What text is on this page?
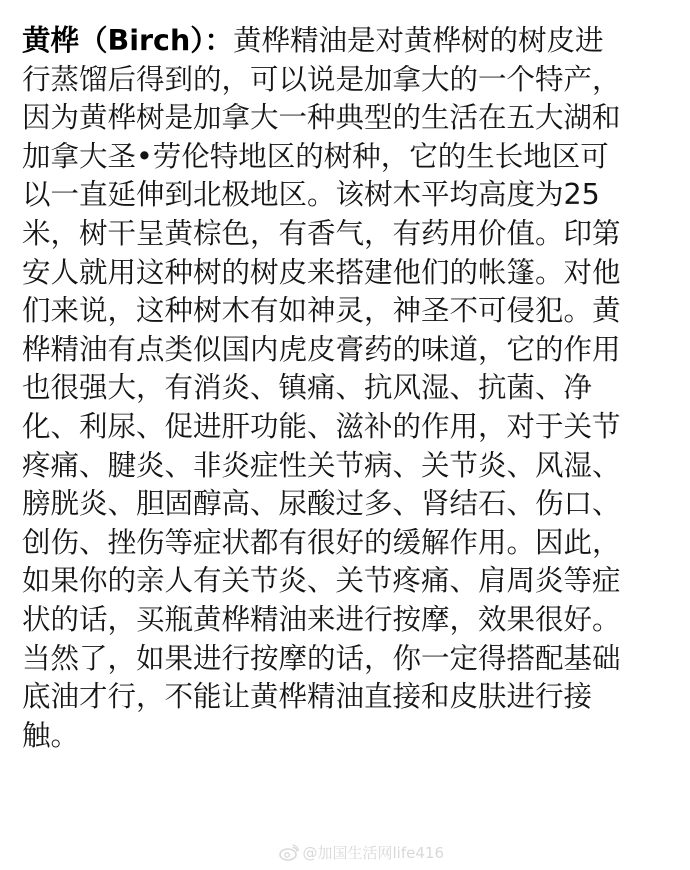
黄桦（Birch）：黄桦精油是对黄桦树的树皮进
行蒸馏后得到的，可以说是加拿大的一个特产，
因为黄桦树是加拿大一种典型的生活在五大湖和
加拿大圣•劳伦特地区的树种，它的生长地区可
以一直延伸到北极地区。该树木平均高度为25
米，树干呈黄棕色，有香气，有药用价值。印第
安人就用这种树的树皮来搭建他们的帐篷。对他
们来说，这种树木有如神灵，神圣不可侵犯。黄
桦精油有点类似国内虎皮膏药的味道，它的作用
也很强大，有消炎、镇痛、抗风湿、抗菌、净
化、利尿、促进肝功能、滋补的作用，对于关节
疼痛、腱炎、非炎症性关节病、关节炎、风湿、
膀胱炎、胆固醇高、尿酸过多、肾结石、伤口、
创伤、挫伤等症状都有很好的缓解作用。因此，
如果你的亲人有关节炎、关节疼痛、肩周炎等症
状的话，买瓶黄桦精油来进行按摩，效果很好。
当然了，如果进行按摩的话，你一定得搭配基础
底油才行，不能让黄桦精油直接和皮肤进行接
触。
@加国生活网life416
